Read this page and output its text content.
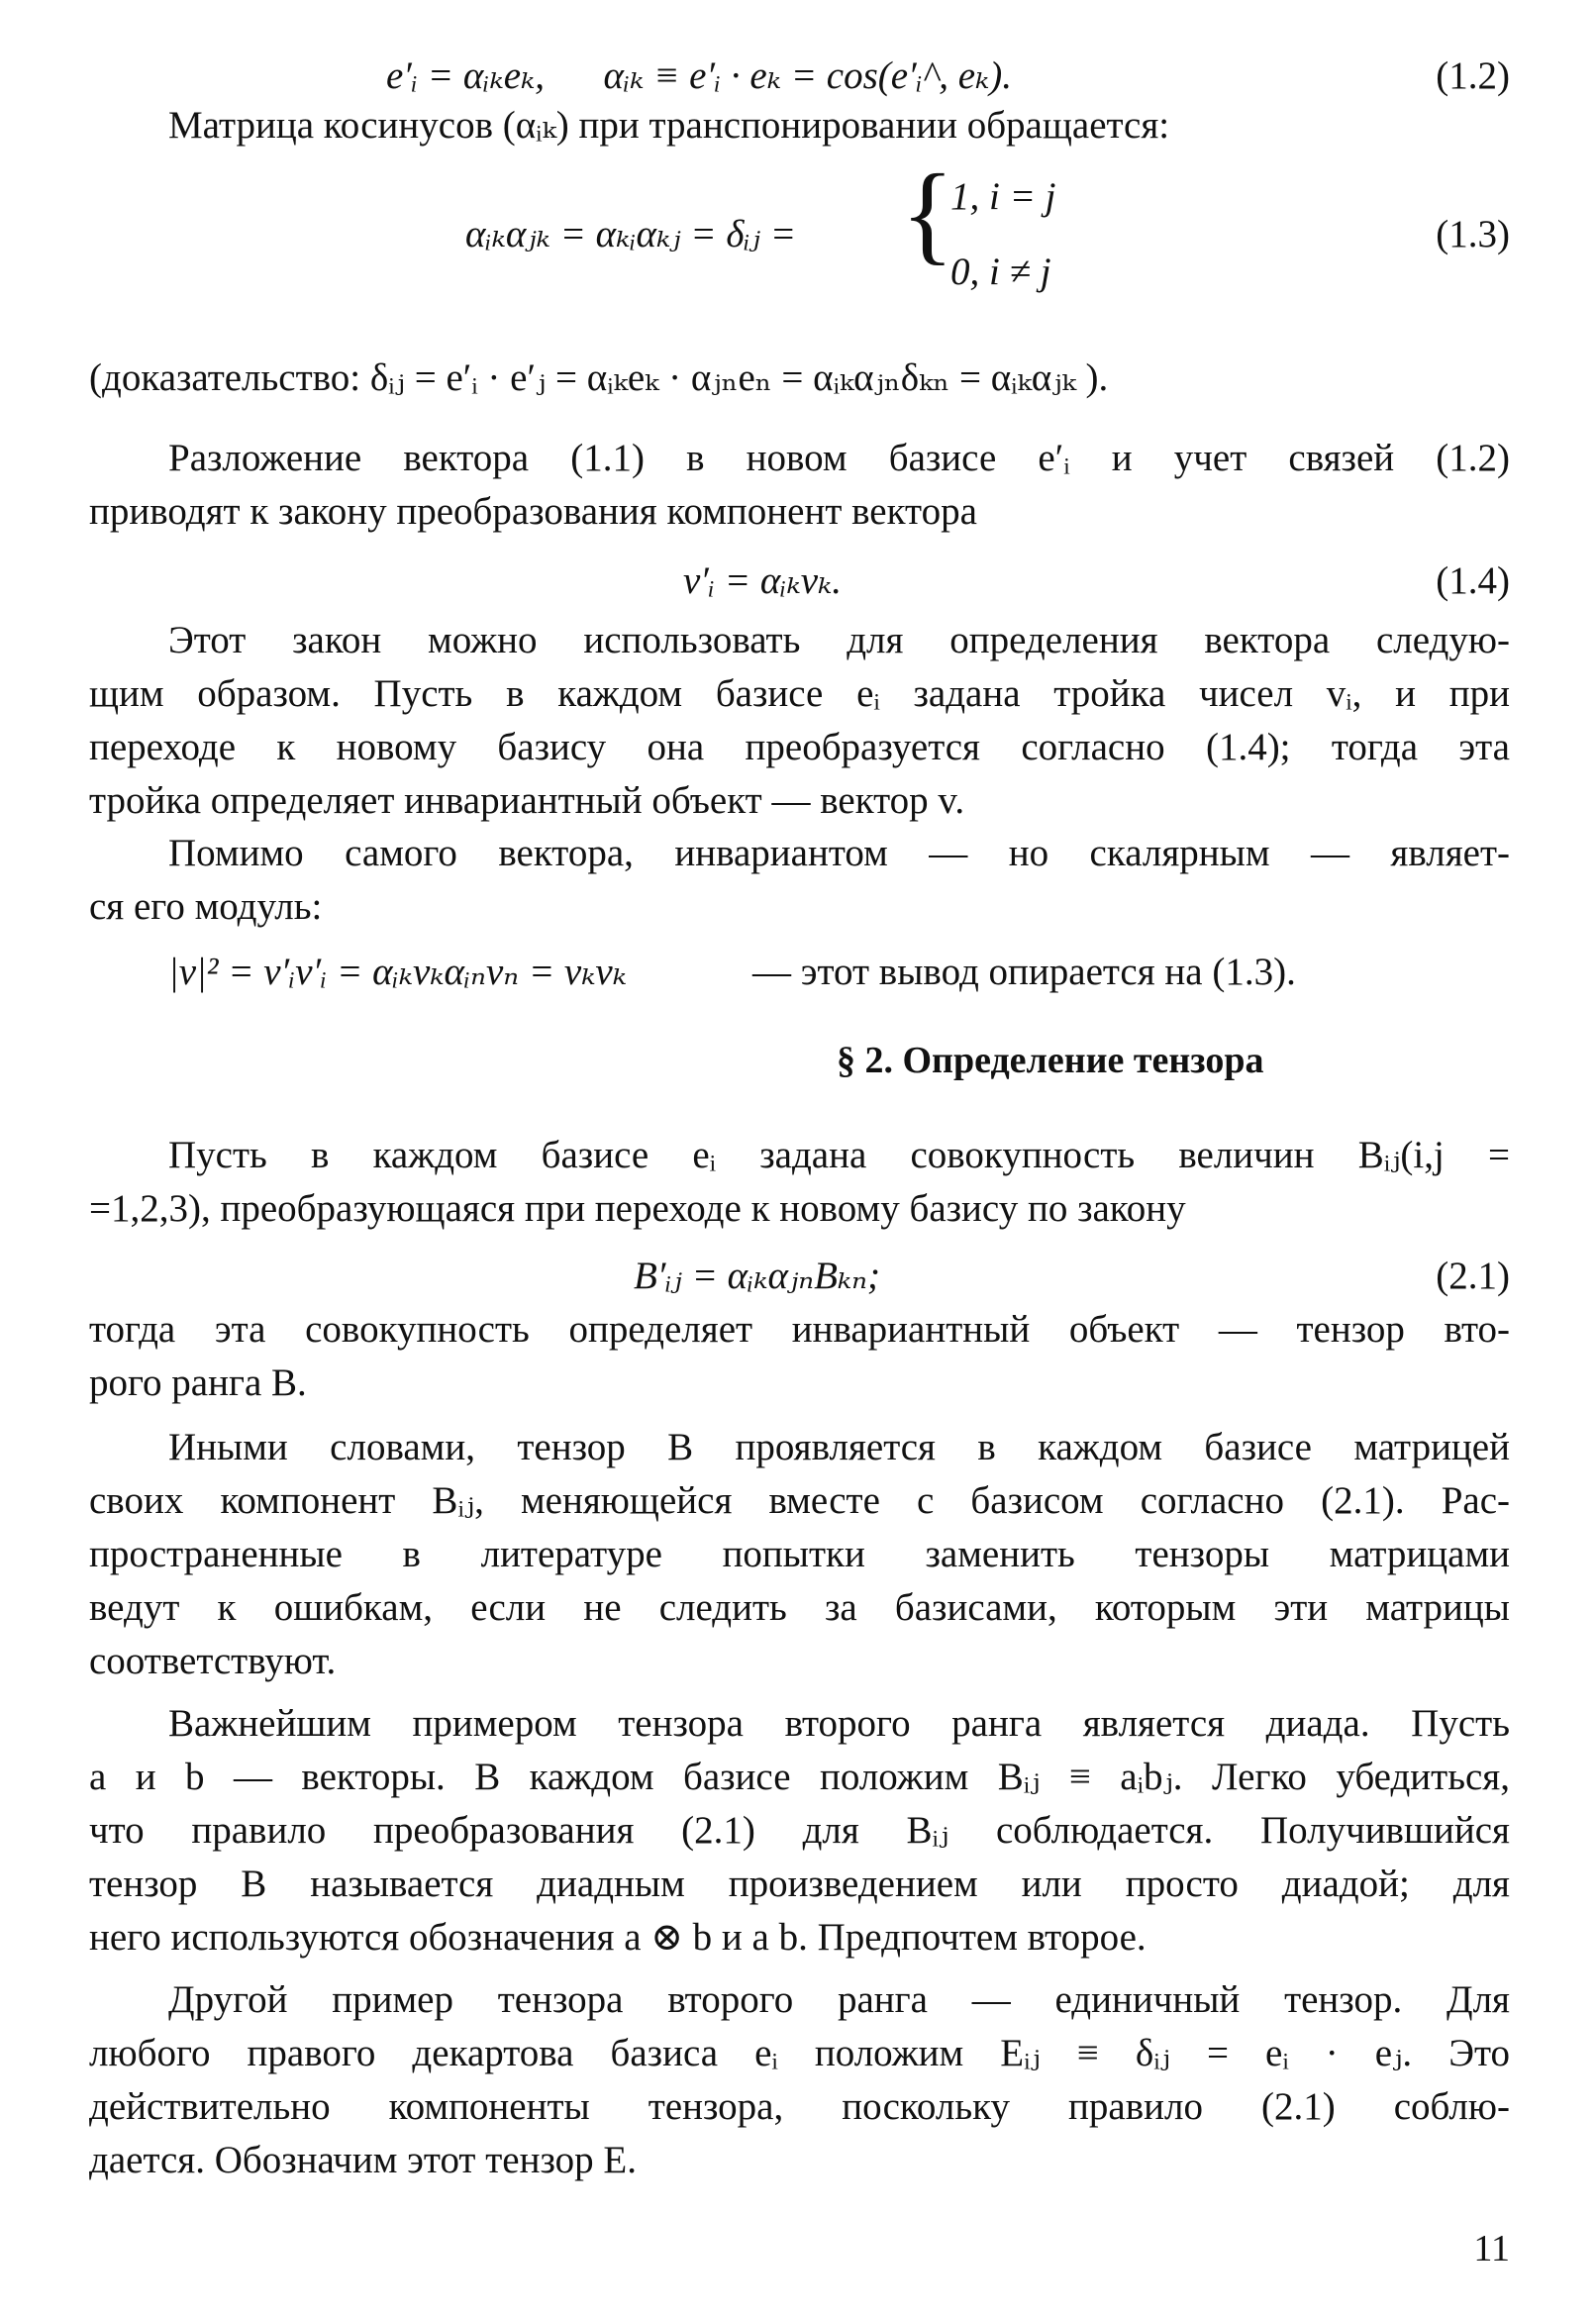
e′ᵢ = αᵢₖeₖ, αᵢₖ ≡ e′ᵢ · eₖ = cos(e′ᵢ^, eₖ).	(1.2)
Матрица косинусов (αᵢₖ) при транспонировании обращается:
αᵢₖαⱼₖ = αₖᵢαₖⱼ = δᵢⱼ = {
1, i = j
0, i ≠ j
(1.3)
(доказательство: δᵢⱼ = e′ᵢ · e′ⱼ = αᵢₖeₖ · αⱼₙeₙ = αᵢₖαⱼₙδₖₙ = αᵢₖαⱼₖ ).
Разложение вектора (1.1) в новом базисе e′ᵢ и учет связей (1.2)
приводят к закону преобразования компонент вектора
v′ᵢ = αᵢₖvₖ.	(1.4)
Этот закон можно использовать для определения вектора следую-
щим образом. Пусть в каждом базисе eᵢ задана тройка чисел vᵢ, и при
переходе к новому базису она преобразуется согласно (1.4); тогда эта
тройка определяет инвариантный объект — вектор v.
Помимо самого вектора, инвариантом — но скалярным — являет-
ся его модуль:
|v|² = v′ᵢv′ᵢ = αᵢₖvₖαᵢₙvₙ = vₖvₖ	— этот вывод опирается на (1.3).
§ 2. Определение тензора
Пусть в каждом базисе eᵢ задана совокупность величин Bᵢⱼ(i,j =
=1,2,3), преобразующаяся при переходе к новому базису по закону
B′ᵢⱼ = αᵢₖαⱼₙBₖₙ;	(2.1)
тогда эта совокупность определяет инвариантный объект — тензор вто-
рого ранга B.
Иными словами, тензор B проявляется в каждом базисе матрицей
своих компонент Bᵢⱼ, меняющейся вместе с базисом согласно (2.1). Рас-
пространенные в литературе попытки заменить тензоры матрицами
ведут к ошибкам, если не следить за базисами, которым эти матрицы
соответствуют.
Важнейшим примером тензора второго ранга является диада. Пусть
a и b — векторы. В каждом базисе положим Bᵢⱼ ≡ aᵢbⱼ. Легко убедиться,
что правило преобразования (2.1) для Bᵢⱼ соблюдается. Получившийся
тензор B называется диадным произведением или просто диадой; для
него используются обозначения a ⊗ b и a b. Предпочтем второе.
Другой пример тензора второго ранга — единичный тензор. Для
любого правого декартова базиса eᵢ положим Eᵢⱼ ≡ δᵢⱼ = eᵢ · eⱼ. Это
действительно компоненты тензора, поскольку правило (2.1) соблю-
дается. Обозначим этот тензор E.
11
